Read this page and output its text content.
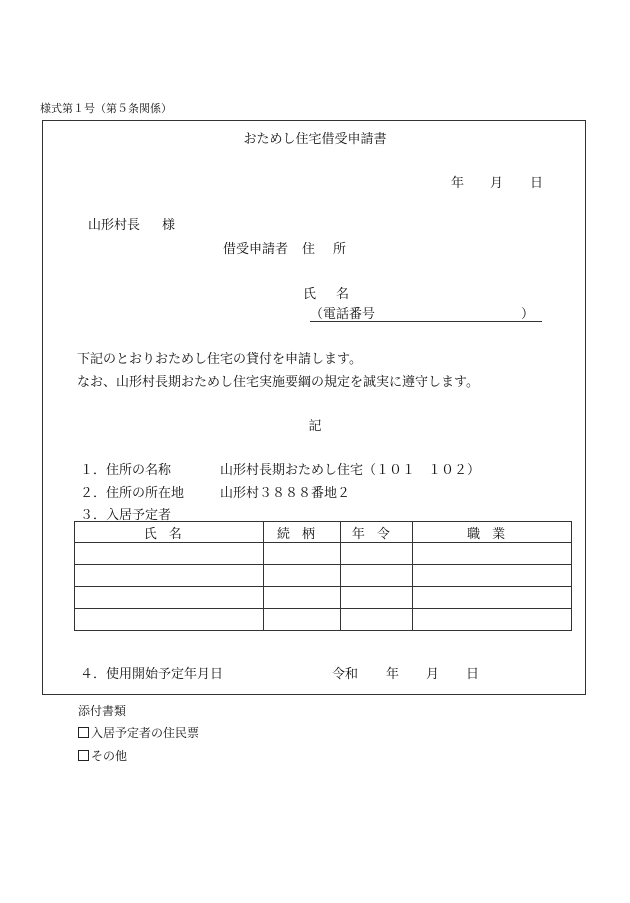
様式第１号（第５条関係）
おためし住宅借受申請書
年 月 日
山形村長 様
借受申請者 住所
氏名
（電話番号	）
下記のとおりおためし住宅の貸付を申請します。
なお、山形村長期おためし住宅実施要綱の規定を誠実に遵守します。
記
１．住所の名称	山形村長期おためし住宅（１０１　１０２）
２．住所の所在地	山形村３８８８番地２
３．入居予定者
氏名	続柄	年令	職業

４．使用開始予定年月日	令和 年 月 日
添付書類
入居予定者の住民票
その他
